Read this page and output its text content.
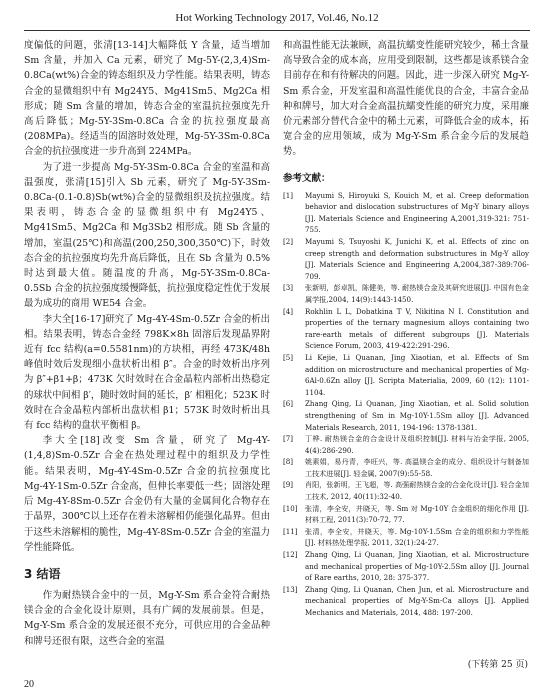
Hot Working Technology 2017, Vol.46, No.12

度偏低的问题，张清[13-14]大幅降低 Y 含量，适当增加 Sm 含量，并加入 Ca 元素，研究了 Mg-5Y-(2,3,4)Sm-0.8Ca(wt%)合金的铸态组织及力学性能。结果表明，铸态合金的显微组织中有 Mg24Y5、Mg41Sm5、Mg2Ca 相形成；随 Sm 含量的增加，铸态合金的室温抗拉强度先升高后降低；Mg-5Y-3Sm-0.8Ca 合金的抗拉强度最高(208MPa)。经适当的固溶时效处理，Mg-5Y-3Sm-0.8Ca 合金的抗拉强度进一步升高到 224MPa。

为了进一步提高 Mg-5Y-3Sm-0.8Ca 合金的室温和高温强度，张清[15]引入 Sb 元素，研究了 Mg-5Y-3Sm-0.8Ca-(0.1-0.8)Sb(wt%)合金的显微组织及抗拉强度。结果表明，铸态合金的显微组织中有 Mg24Y5、Mg41Sm5、Mg2Ca 和 Mg3Sb2 相形成。随 Sb 含量的增加，室温(25℃)和高温(200,250,300,350℃)下，时效态合金的抗拉强度均先升高后降低，且在 Sb 含量为 0.5%时达到最大值。随温度的升高，Mg-5Y-3Sm-0.8Ca-0.5Sb 合金的抗拉强度缓慢降低，抗拉强度稳定性优于发展最为成功的商用 WE54 合金。

李大全[16-17]研究了 Mg-4Y-4Sm-0.5Zr 合金的析出相。结果表明，铸态合金经 798K×8h 固溶后发现晶界附近有 fcc 结构(a=0.5581nm)的方块相，再经 473K/48h 峰值时效后发现细小盘状析出相 β″。合金的时效析出序列为 β″+β1+β；473K 欠时效时在合金晶粒内部析出热稳定的球状中间相 β′，随时效时间的延长，β′ 相粗化；523K 时效时在合金晶粒内部析出盘状相 β1；573K 时效时析出具有 fcc 结构的盘状平衡相 β。

李大全[18]改变 Sm 含量，研究了 Mg-4Y-(1,4,8)Sm-0.5Zr 合金在热处理过程中的组织及力学性能。结果表明，Mg-4Y-4Sm-0.5Zr 合金的抗拉强度比 Mg-4Y-1Sm-0.5Zr 合金高，但伸长率要低一些；固溶处理后 Mg-4Y-8Sm-0.5Zr 合金仍有大量的金属间化合物存在于晶界，300℃以上还存在着未溶解相仍能强化晶界。但由于这些未溶解相的脆性，Mg-4Y-8Sm-0.5Zr 合金的室温力学性能降低。

3 结语

作为耐热镁合金中的一员，Mg-Y-Sm 系合金符合耐热镁合金的合金化设计原则，具有广阔的发展前景。但是，Mg-Y-Sm 系合金的发展还很不充分，可供应用的合金品种和牌号还很有限，这些合金的室温

和高温性能无法兼顾，高温抗蠕变性能研究较少，稀土含量高导致合金的成本高，应用受到限制，这些都是该系镁合金目前存在和有待解决的问题。因此，进一步深入研究 Mg-Y-Sm 系合金，开发室温和高温性能优良的合金，丰富合金品种和牌号，加大对合金高温抗蠕变性能的研究力度，采用廉价元素部分替代合金中的稀土元素，可降低合金的成本，拓宽合金的应用领域，成为 Mg-Y-Sm 系合金今后的发展趋势。

参考文献：
[1]	Mayumi S, Hiroyuki S, Kouich M, et al. Creep deformation behavior and dislocation substructures of Mg-Y binary alloys [J]. Materials Science and Engineering A,2001,319-321: 751-755.
[2]	Mayumi S, Tsuyoshi K, Junichi K, et al. Effects of zinc on creep strength and deformation substructures in Mg-Y alloy [J]. Materials Science and Engineering A,2004,387-389:706-709.
[3]	张新明，彭卓凯，陈健美，等. 耐热镁合金及其研究进展[J]. 中国有色金属学报,2004, 14(9):1443-1450.
[4]	Rokhlin L L, Dobatkina T V, Nikitina N I. Constitution and properties of the ternary magnesium alloys containing two rare-earth metals of different subgroups [J]. Materials Science Forum, 2003, 419-422:291-296.
[5]	Li Kejie, Li Quanan, Jing Xiaotian, et al. Effects of Sm addition on microstructure and mechanical properties of Mg-6Al-0.6Zn alloy [J]. Scripta Materialia, 2009, 60 (12): 1101-1104.
[6]	Zhang Qing, Li Quanan, Jing Xiaotian, et al. Solid solution strengthening of Sm in Mg-10Y-1.5Sm alloy [J]. Advanced Materials Research, 2011, 194-196: 1378-1381.
[7]	丁桦. 耐热镁合金的合金设计及组织控制[J]. 材料与冶金学报, 2005, 4(4):286-290.
[8]	姚素娟，易丹青，李旺兴，等. 高温镁合金的成分、组织设计与制备加工技术进展[J]. 轻金属, 2007(9):55-58.
[9]	肖阳，张新明，王飞超，等. 高强耐热镁合金的合金化设计[J]. 轻合金加工技术, 2012, 40(11):32-40.
[10]	张清，李全安，井晓天，等. Sm 对 Mg-10Y 合金组织的细化作用 [J]. 材料工程, 2011(3):70-72, 77.
[11]	张清，李全安，井晓天，等. Mg-10Y-1.5Sm 合金的组织和力学性能 [J]. 材料热处理学报, 2011, 32(1):24-27.
[12]	Zhang Qing, Li Quanan, Jing Xiaotian, et al. Microstructure and mechanical properties of Mg-10Y-2.5Sm alloy [J]. Journal of Rare earths, 2010, 28: 375-377.
[13]	Zhang Qing, Li Quanan, Chen Jun, et al. Microstructure and mechanical properties of Mg-Y-Sm-Ca alloys [J]. Applied Mechanics and Materials, 2014, 488: 197-200.
(下转第 25 页)
20
